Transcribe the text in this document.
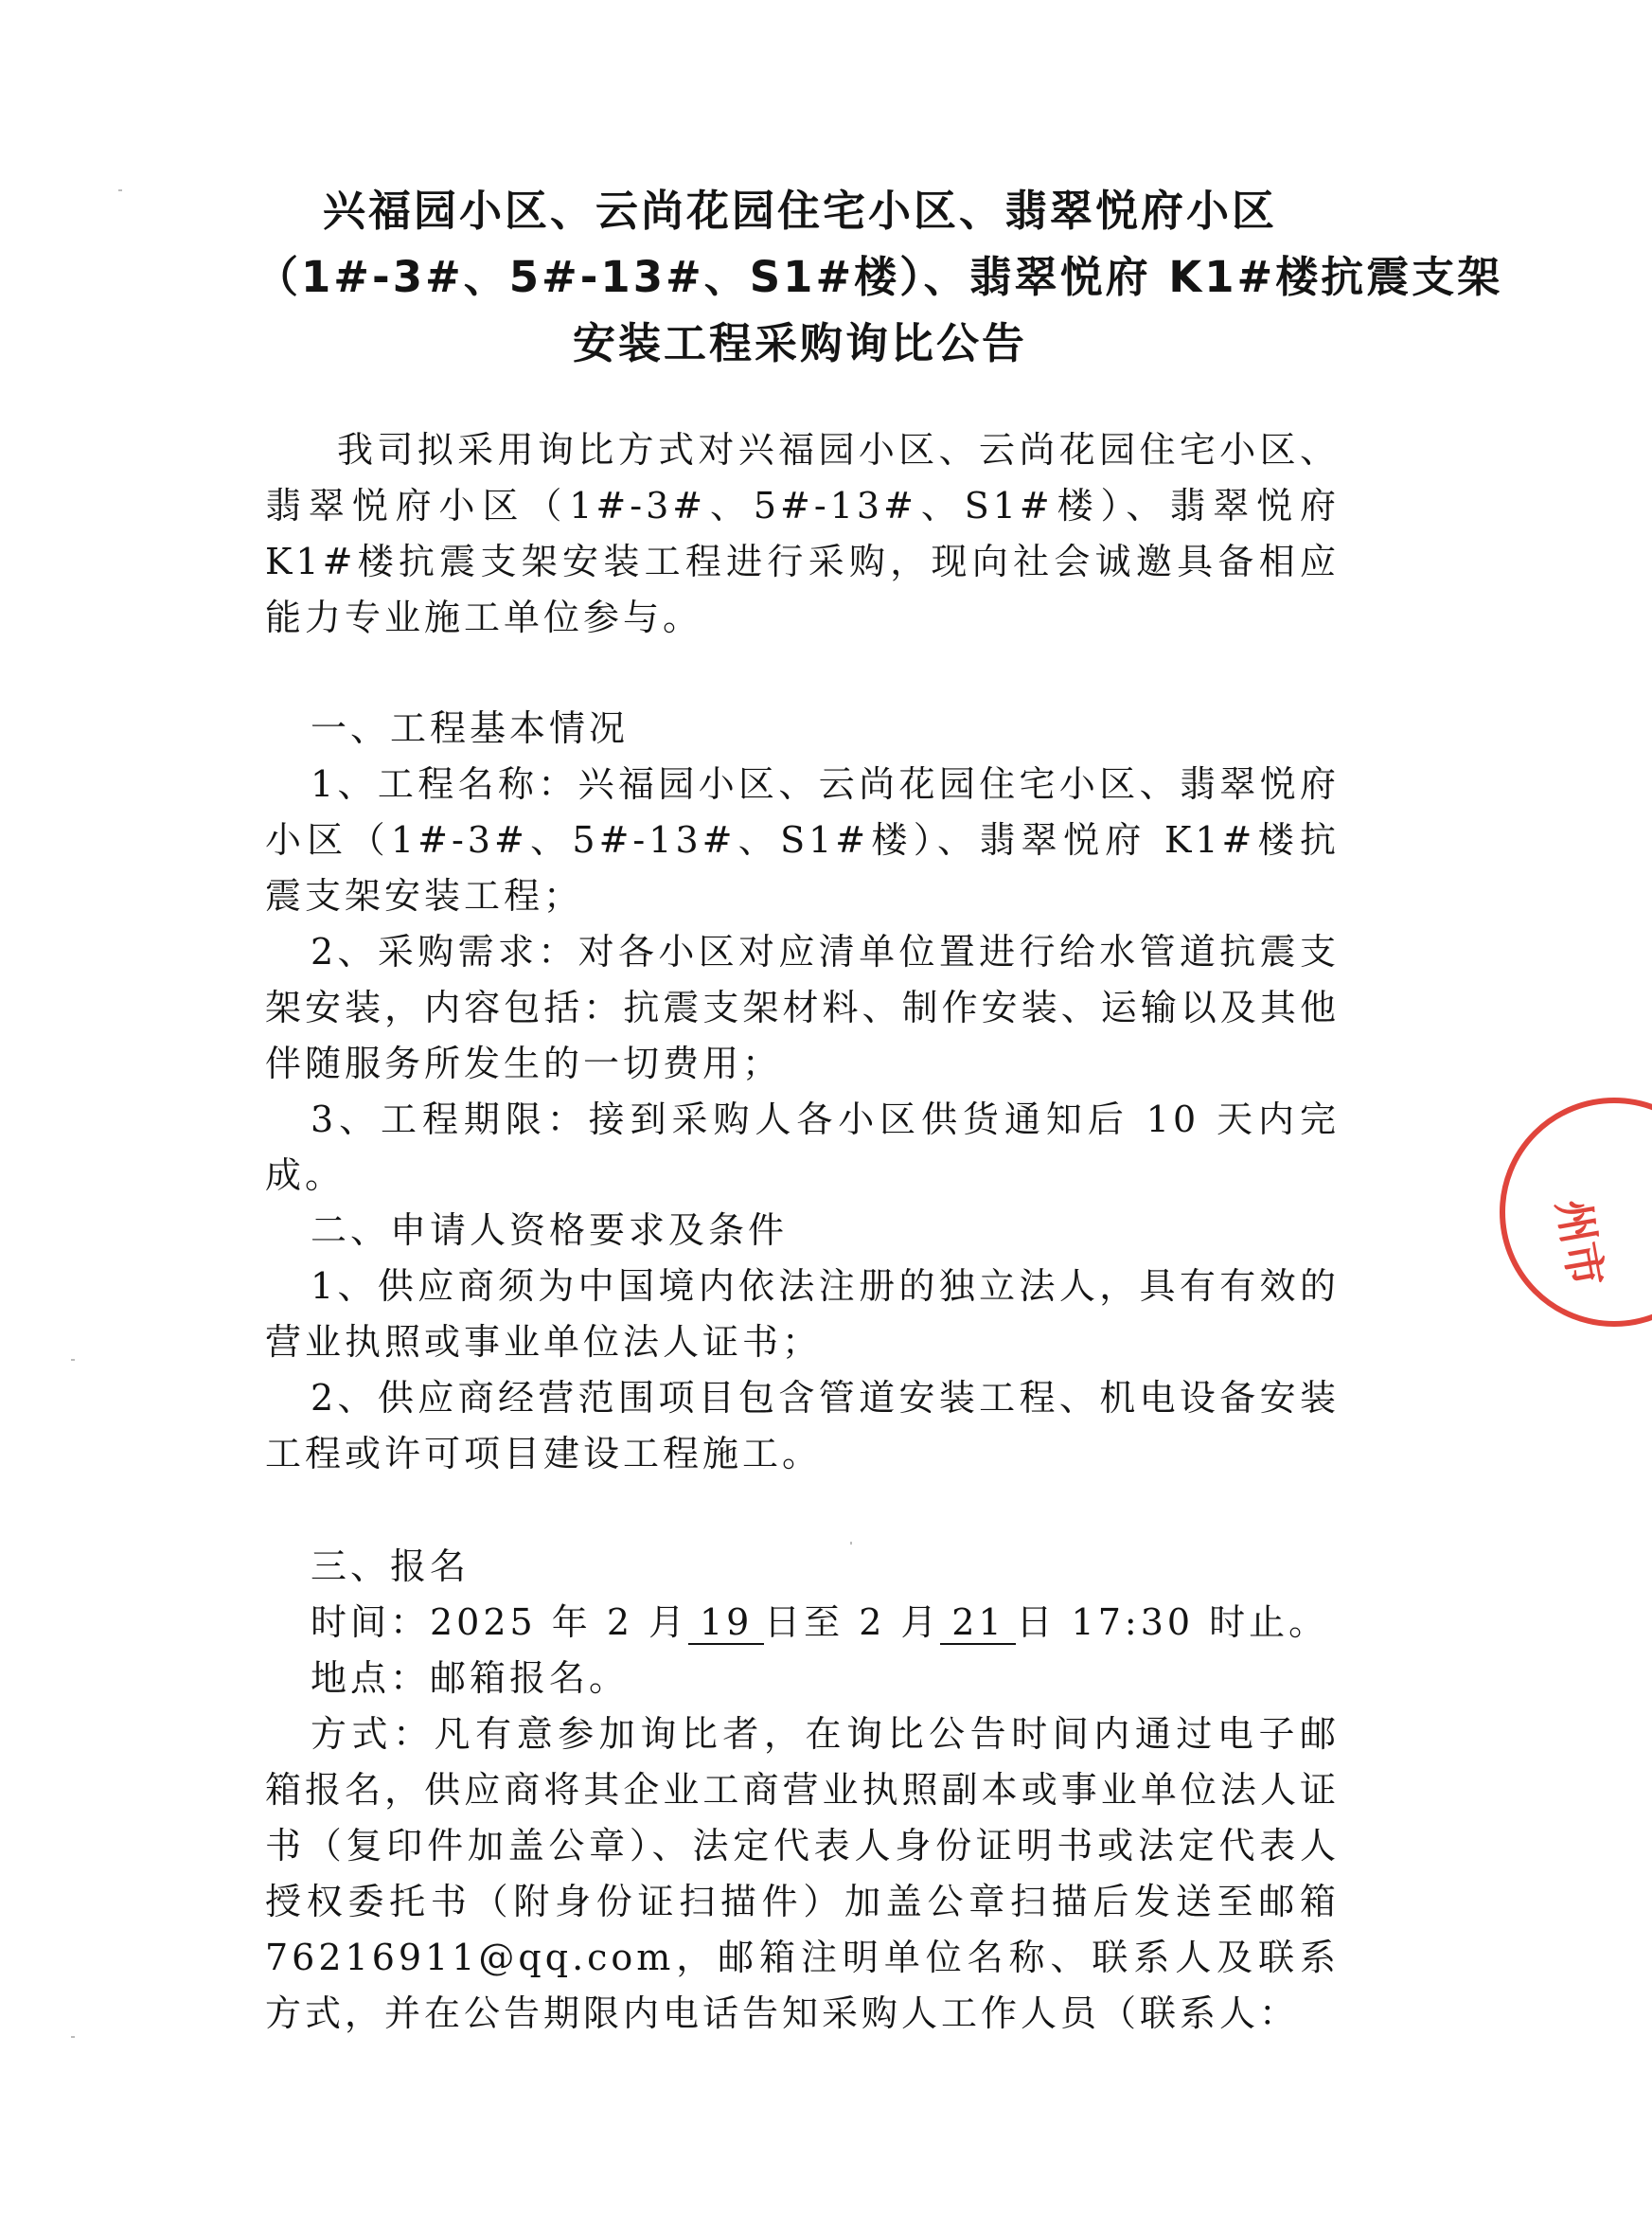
兴福园小区、云尚花园住宅小区、翡翠悦府小区
（1#-3#、5#-13#、S1#楼）、翡翠悦府 K1#楼抗震支架
安装工程采购询比公告

我司拟采用询比方式对兴福园小区、云尚花园住宅小区、翡翠悦府小区（1#-3#、5#-13#、S1#楼）、翡翠悦府 K1#楼抗震支架安装工程进行采购，现向社会诚邀具备相应能力专业施工单位参与。

一、工程基本情况

1、工程名称：兴福园小区、云尚花园住宅小区、翡翠悦府小区（1#-3#、5#-13#、S1#楼）、翡翠悦府 K1#楼抗震支架安装工程；

2、采购需求：对各小区对应清单位置进行给水管道抗震支架安装，内容包括：抗震支架材料、制作安装、运输以及其他伴随服务所发生的一切费用；

3、工程期限：接到采购人各小区供货通知后 10 天内完成。

二、申请人资格要求及条件

1、供应商须为中国境内依法注册的独立法人，具有有效的营业执照或事业单位法人证书；

2、供应商经营范围项目包含管道安装工程、机电设备安装工程或许可项目建设工程施工。

三、报名

时间：2025 年 2 月 19 日至 2 月 21 日 17:30 时止。

地点：邮箱报名。

方式：凡有意参加询比者，在询比公告时间内通过电子邮箱报名，供应商将其企业工商营业执照副本或事业单位法人证书（复印件加盖公章）、法定代表人身份证明书或法定代表人授权委托书（附身份证扫描件）加盖公章扫描后发送至邮箱 76216911@qq.com，邮箱注明单位名称、联系人及联系方式，并在公告期限内电话告知采购人工作人员（联系人：

州市
